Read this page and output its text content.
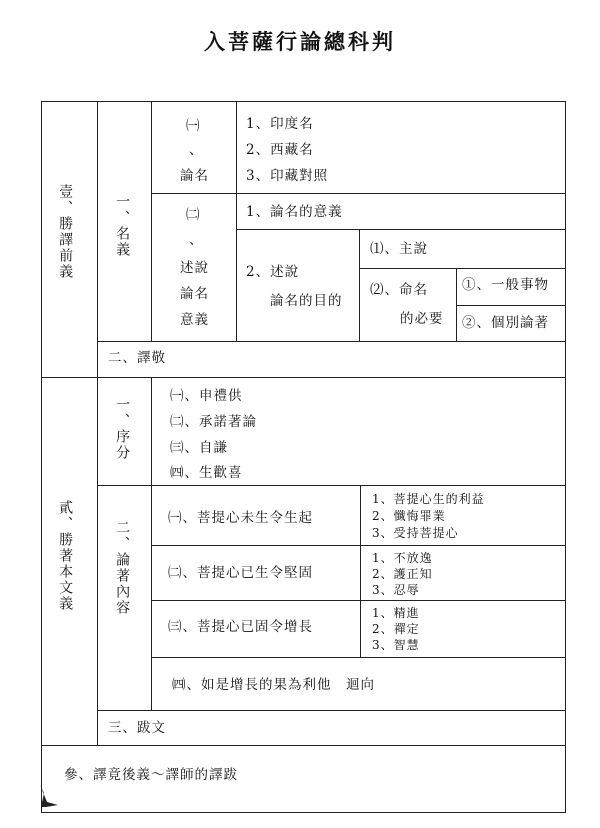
入菩薩行論總科判
壹、勝譯前義	一、名義
㈠
、
論名
1、印度名
2、西藏名
3、印藏對照
㈡
、
述說
論名
意義
1、論名的意義
2、述說
論名的目的
⑴、主說
⑵、命名
的必要
①、一般事物
②、個別論著
二、譯敬
貳、勝著本文義
一、序分
㈠、申禮供
㈡、承諾著論
㈢、自謙
㈣、生歡喜
二、論著內容
㈠、菩提心未生令生起
1、菩提心生的利益
2、懺悔罪業
3、受持菩提心
㈡、菩提心已生令堅固
1、不放逸
2、護正知
3、忍辱
㈢、菩提心已固令增長
1、精進
2、禪定
3、智慧
㈣、如是增長的果為利他　迴向
三、跋文
參、譯竟後義～譯師的譯跋
